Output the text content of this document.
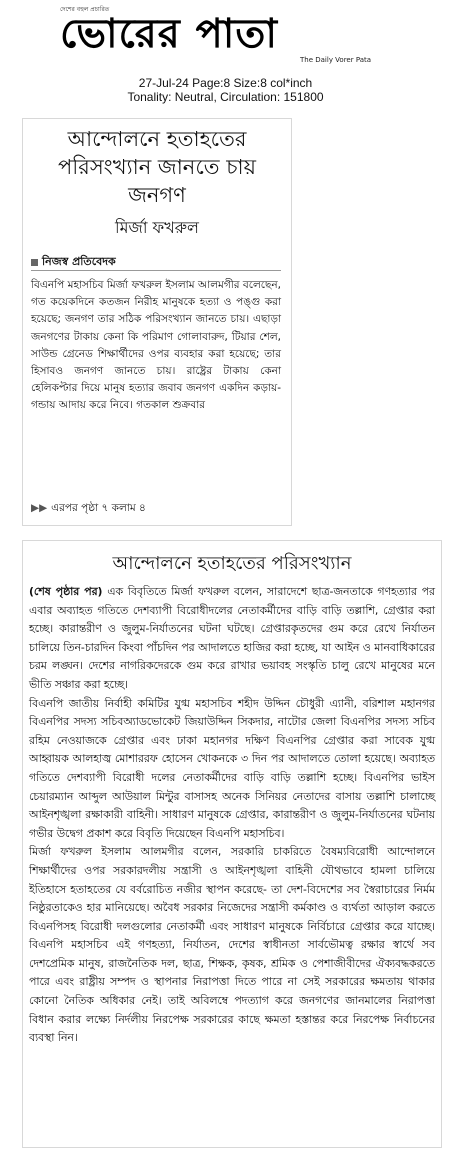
দেশের বহুল প্রচারিত
ভোরের পাতা
The Daily Vorer Pata
27-Jul-24 Page:8 Size:8 col*inch
Tonality: Neutral, Circulation: 151800
আন্দোলনে হতাহতের পরিসংখ্যান জানতে চায় জনগণ
মির্জা ফখরুল
নিজস্ব প্রতিবেদক
বিএনপি মহাসচিব মির্জা ফখরুল ইসলাম আলমগীর বলেছেন, গত কয়েকদিনে কতজন নিরীহ মানুষকে হত্যা ও পঙ্গু করা হয়েছে; জনগণ তার সঠিক পরিসংখ্যান জানতে চায়। এছাড়া জনগণের টাকায় কেনা কি পরিমাণ গোলাবারুদ, টিয়ার শেল, সাউন্ড গ্রেনেড শিক্ষার্থীদের ওপর ব্যবহার করা হয়েছে; তার হিসাবও জনগণ জানতে চায়। রাষ্ট্রের টাকায় কেনা হেলিকপ্টার দিয়ে মানুষ হত্যার জবাব জনগণ একদিন কড়ায়-গন্ডায় আদায় করে নিবে। গতকাল শুক্রবার
▶▶ এরপর পৃষ্ঠা ৭ কলাম ৪
আন্দোলনে হতাহতের পরিসংখ্যান

(শেষ পৃষ্ঠার পর) এক বিবৃতিতে মির্জা ফখরুল বলেন, সারাদেশে ছাত্র-জনতাকে গণহত্যার পর এবার অব্যাহত গতিতে দেশব্যাপী বিরোধীদলের নেতাকর্মীদের বাড়ি বাড়ি তল্লাশি, গ্রেপ্তার করা হচ্ছে। কারান্তরীণ ও জুলুম-নির্যাতনের ঘটনা ঘটছে। গ্রেপ্তারকৃতদের গুম করে রেখে নির্যাতন চালিয়ে তিন-চারদিন কিংবা পাঁচদিন পর আদালতে হাজির করা হচ্ছে, যা আইন ও মানবাধিকারের চরম লঙ্ঘন। দেশের নাগরিকদেরকে গুম করে রাখার ভয়াবহ সংস্কৃতি চালু রেখে মানুষের মনে ভীতি সঞ্চার করা হচ্ছে।

বিএনপি জাতীয় নির্বাহী কমিটির যুগ্ম মহাসচিব শহীদ উদ্দিন চৌধুরী এ্যানী, বরিশাল মহানগর বিএনপির সদস্য সচিবঅ্যাডভোকেট জিয়াউদ্দিন সিকদার, নাটোর জেলা বিএনপির সদস্য সচিব রহিম নেওয়াজকে গ্রেপ্তার এবং ঢাকা মহানগর দক্ষিণ বিএনপির গ্রেপ্তার করা সাবেক যুগ্ম আহ্বায়ক আলহাজ্ব মোশাররফ হোসেন খোকনকে ৩ দিন পর আদালতে তোলা হয়েছে। অব্যাহত গতিতে দেশব্যাপী বিরোধী দলের নেতাকর্মীদের বাড়ি বাড়ি তল্লাশি হচ্ছে। বিএনপির ভাইস চেয়ারম্যান আব্দুল আউয়াল মিন্টুর বাসাসহ অনেক সিনিয়র নেতাদের বাসায় তল্লাশি চালাচ্ছে আইনশৃঙ্খলা রক্ষাকারী বাহিনী। সাধারণ মানুষকে গ্রেপ্তার, কারান্তরীণ ও জুলুম-নির্যাতনের ঘটনায় গভীর উদ্বেগ প্রকাশ করে বিবৃতি দিয়েছেন বিএনপি মহাসচিব।

মির্জা ফখরুল ইসলাম আলমগীর বলেন, সরকারি চাকরিতে বৈষম্যবিরোধী আন্দোলনে শিক্ষার্থীদের ওপর সরকারদলীয় সন্ত্রাসী ও আইনশৃঙ্খলা বাহিনী যৌথভাবে হামলা চালিয়ে ইতিহাসে হতাহতের যে বর্বরোচিত নজীর স্থাপন করেছে- তা দেশ-বিদেশের সব স্বৈরাচারের নির্মম নিষ্ঠুরতাকেও হার মানিয়েছে। অবৈধ সরকার নিজেদের সন্ত্রাসী কর্মকাণ্ড ও ব্যর্থতা আড়াল করতে বিএনপিসহ বিরোধী দলগুলোর নেতাকর্মী এবং সাধারণ মানুষকে নির্বিচারে গ্রেপ্তার করে যাচ্ছে। বিএনপি মহাসচিব এই গণহত্যা, নির্যাতন, দেশের স্বাধীনতা সার্বভৌমত্ব রক্ষার স্বার্থে সব দেশপ্রেমিক মানুষ, রাজনৈতিক দল, ছাত্র, শিক্ষক, কৃষক, শ্রমিক ও পেশাজীবীদের ঐক্যবদ্ধকরতে পারে এবং রাষ্ট্রীয় সম্পদ ও স্থাপনার নিরাপত্তা দিতে পারে না সেই সরকারের ক্ষমতায় থাকার কোনো নৈতিক অধিকার নেই। তাই অবিলম্বে পদত্যাগ করে জনগণের জানমালের নিরাপত্তা বিধান করার লক্ষ্যে নির্দলীয় নিরপেক্ষ সরকারের কাছে ক্ষমতা হস্তান্তর করে নিরপেক্ষ নির্বাচনের ব্যবস্থা নিন।
